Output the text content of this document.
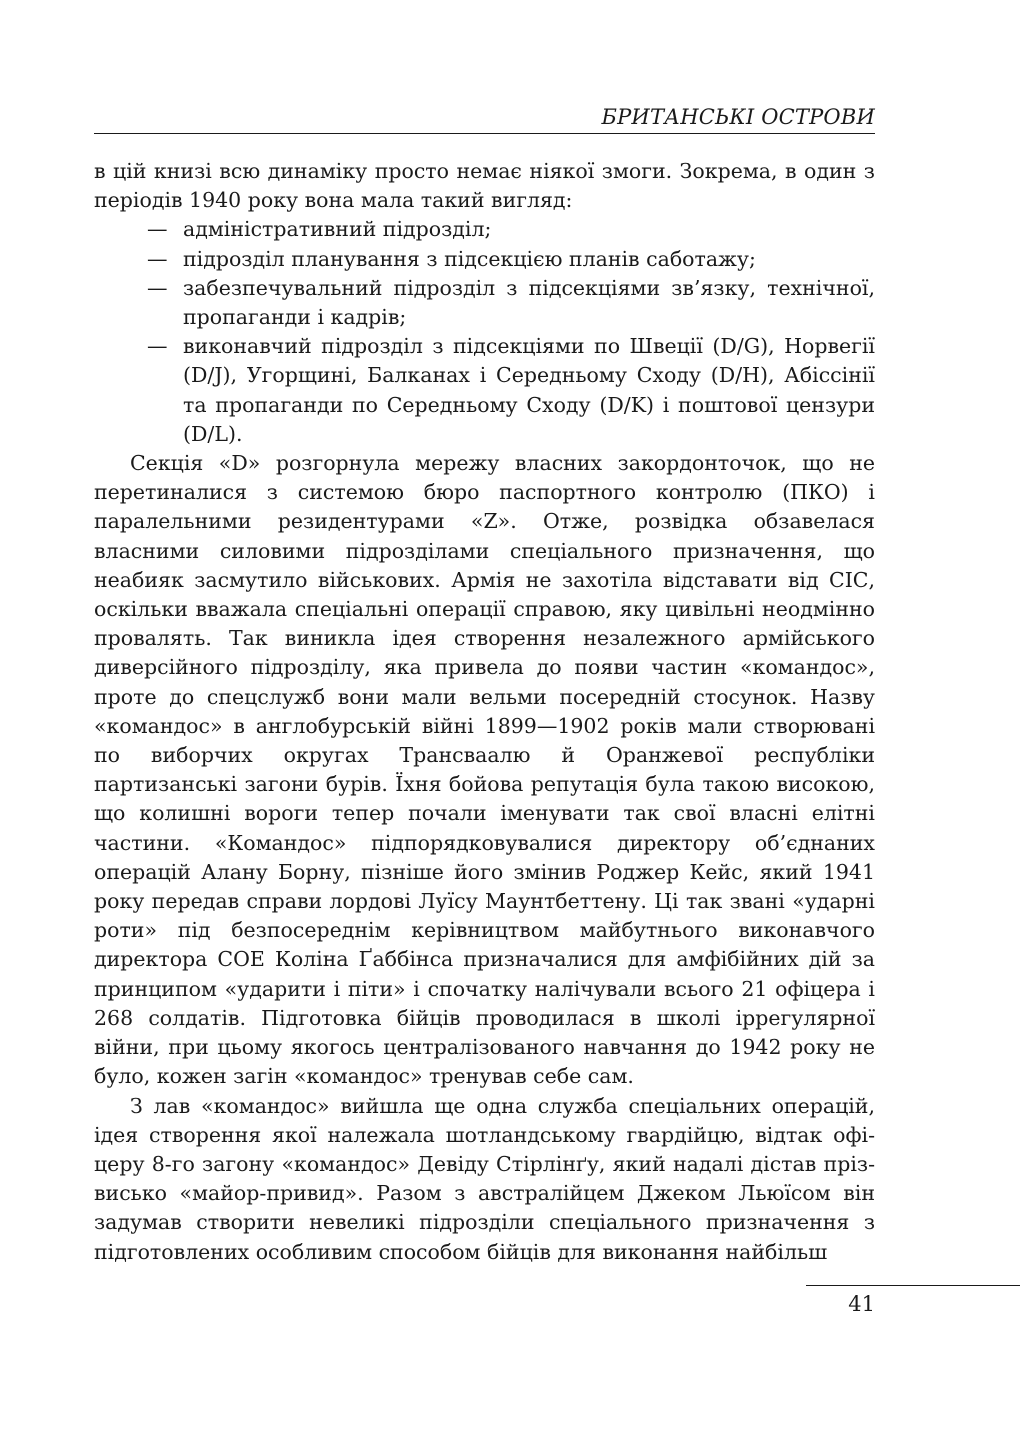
БРИТАНСЬКІ ОСТРОВИ

в цій книзі всю динаміку просто немає ніякої змоги. Зокрема, в один з періодів 1940 року вона мала такий вигляд:

— адміністративний підрозділ;
— підрозділ планування з підсекцією планів саботажу;
— забезпечувальний підрозділ з підсекціями зв’язку, технічної, пропаганди і кадрів;
— виконавчий підрозділ з підсекціями по Швеції (D/G), Норвегії (D/J), Угорщині, Балканах і Середньому Сходу (D/H), Абіссінії та пропаганди по Середньому Сходу (D/K) і поштової цензури (D/L).

Секція «D» розгорнула мережу власних закордонточок, що не перетиналися з системою бюро паспортного контролю (ПКО) і паралельними резидентурами «Z». Отже, розвідка обзавелася власними силовими підрозділами спеціального призначення, що неабияк засмутило військових. Армія не захотіла відставати від СІС, оскільки вважала спеціальні операції справою, яку цивільні неодмінно провалять. Так виникла ідея створення незалежного армійського диверсійного підрозділу, яка привела до появи частин «командос», проте до спецслужб вони мали вельми посередній стосунок. Назву «командос» в англобурській війні 1899—1902 років мали створювані по виборчих округах Трансваалю й Оранжевої республіки партизанські загони бурів. Їхня бойова репутація була такою високою, що колишні вороги тепер почали іменувати так свої власні елітні частини. «Командос» підпорядковувалися директору об’єднаних операцій Алану Борну, пізніше його змінив Роджер Кейс, який 1941 року передав справи лордові Луїсу Маунтбеттену. Ці так звані «ударні роти» під безпосереднім керівництвом майбутнього виконавчого директора СОЕ Коліна Ґаббінса призначалися для амфібійних дій за принципом «ударити і піти» і спочатку налічували всього 21 офіцера і 268 солдатів. Підготовка бійців проводилася в школі іррегулярної війни, при цьому якогось централізованого навчання до 1942 року не було, кожен загін «командос» тренував себе сам.

З лав «командос» вийшла ще одна служба спеціальних операцій, ідея створення якої належала шотландському гвардійцю, відтак офіцеру 8-го загону «командос» Девіду Стірлінґу, який надалі дістав прізвисько «майор-привид». Разом з австралійцем Джеком Льюїсом він задумав створити невеликі підрозділи спеціального призначення з підготовлених особливим способом бійців для виконання найбільш

41
